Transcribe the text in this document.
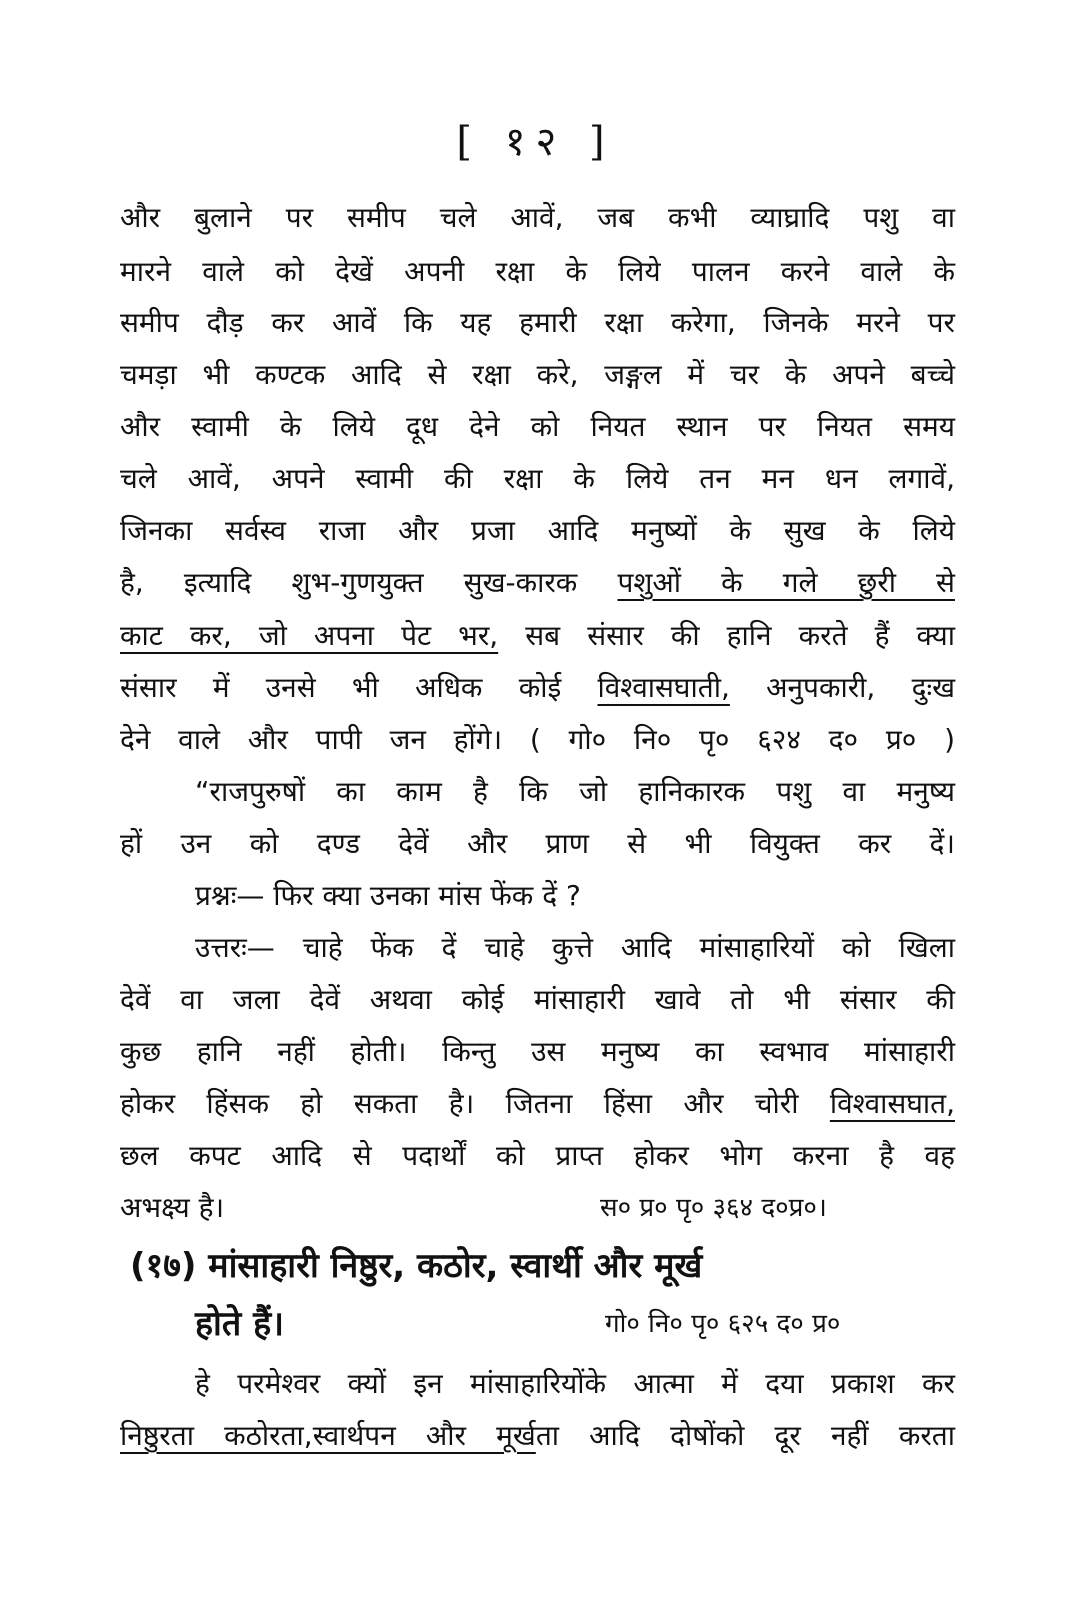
[ १२ ]
और बुलाने पर समीप चले आवें, जब कभी व्याघ्रादि पशु वा
मारने वाले को देखें अपनी रक्षा के लिये पालन करने वाले के
समीप दौड़ कर आवें कि यह हमारी रक्षा करेगा, जिनके मरने पर
चमड़ा भी कण्टक आदि से रक्षा करे, जङ्गल में चर के अपने बच्चे
और स्वामी के लिये दूध देने को नियत स्थान पर नियत समय
चले आवें, अपने स्वामी की रक्षा के लिये तन मन धन लगावें,
जिनका सर्वस्व राजा और प्रजा आदि मनुष्यों के सुख के लिये
है, इत्यादि शुभ-गुणयुक्त सुख-कारक पशुओं के गले छुरी से
काट कर, जो अपना पेट भर, सब संसार की हानि करते हैं क्या
संसार में उनसे भी अधिक कोई विश्वासघाती, अनुपकारी, दुःख
देने वाले और पापी जन होंगे। ( गो० नि० पृ० ६२४ द० प्र० )
“राजपुरुषों का काम है कि जो हानिकारक पशु वा मनुष्य
हों उन को दण्ड देवें और प्राण से भी वियुक्त कर दें।
प्रश्नः— फिर क्या उनका मांस फेंक दें ?
उत्तरः— चाहे फेंक दें चाहे कुत्ते आदि मांसाहारियों को खिला
देवें वा जला देवें अथवा कोई मांसाहारी खावे तो भी संसार की
कुछ हानि नहीं होती। किन्तु उस मनुष्य का स्वभाव मांसाहारी
होकर हिंसक हो सकता है। जितना हिंसा और चोरी विश्वासघात,
छल कपट आदि से पदार्थों को प्राप्त होकर भोग करना है वह
अभक्ष्य है।	स० प्र० पृ० ३६४ द०प्र०।
(१७) मांसाहारी निष्ठुर, कठोर, स्वार्थी और मूर्ख
होते हैं।	गो० नि० पृ० ६२५ द० प्र०
हे परमेश्वर क्यों इन मांसाहारियोंके आत्मा में दया प्रकाश कर
निष्ठुरता कठोरता,स्वार्थपन और मूर्खता आदि दोषोंको दूर नहीं करता
